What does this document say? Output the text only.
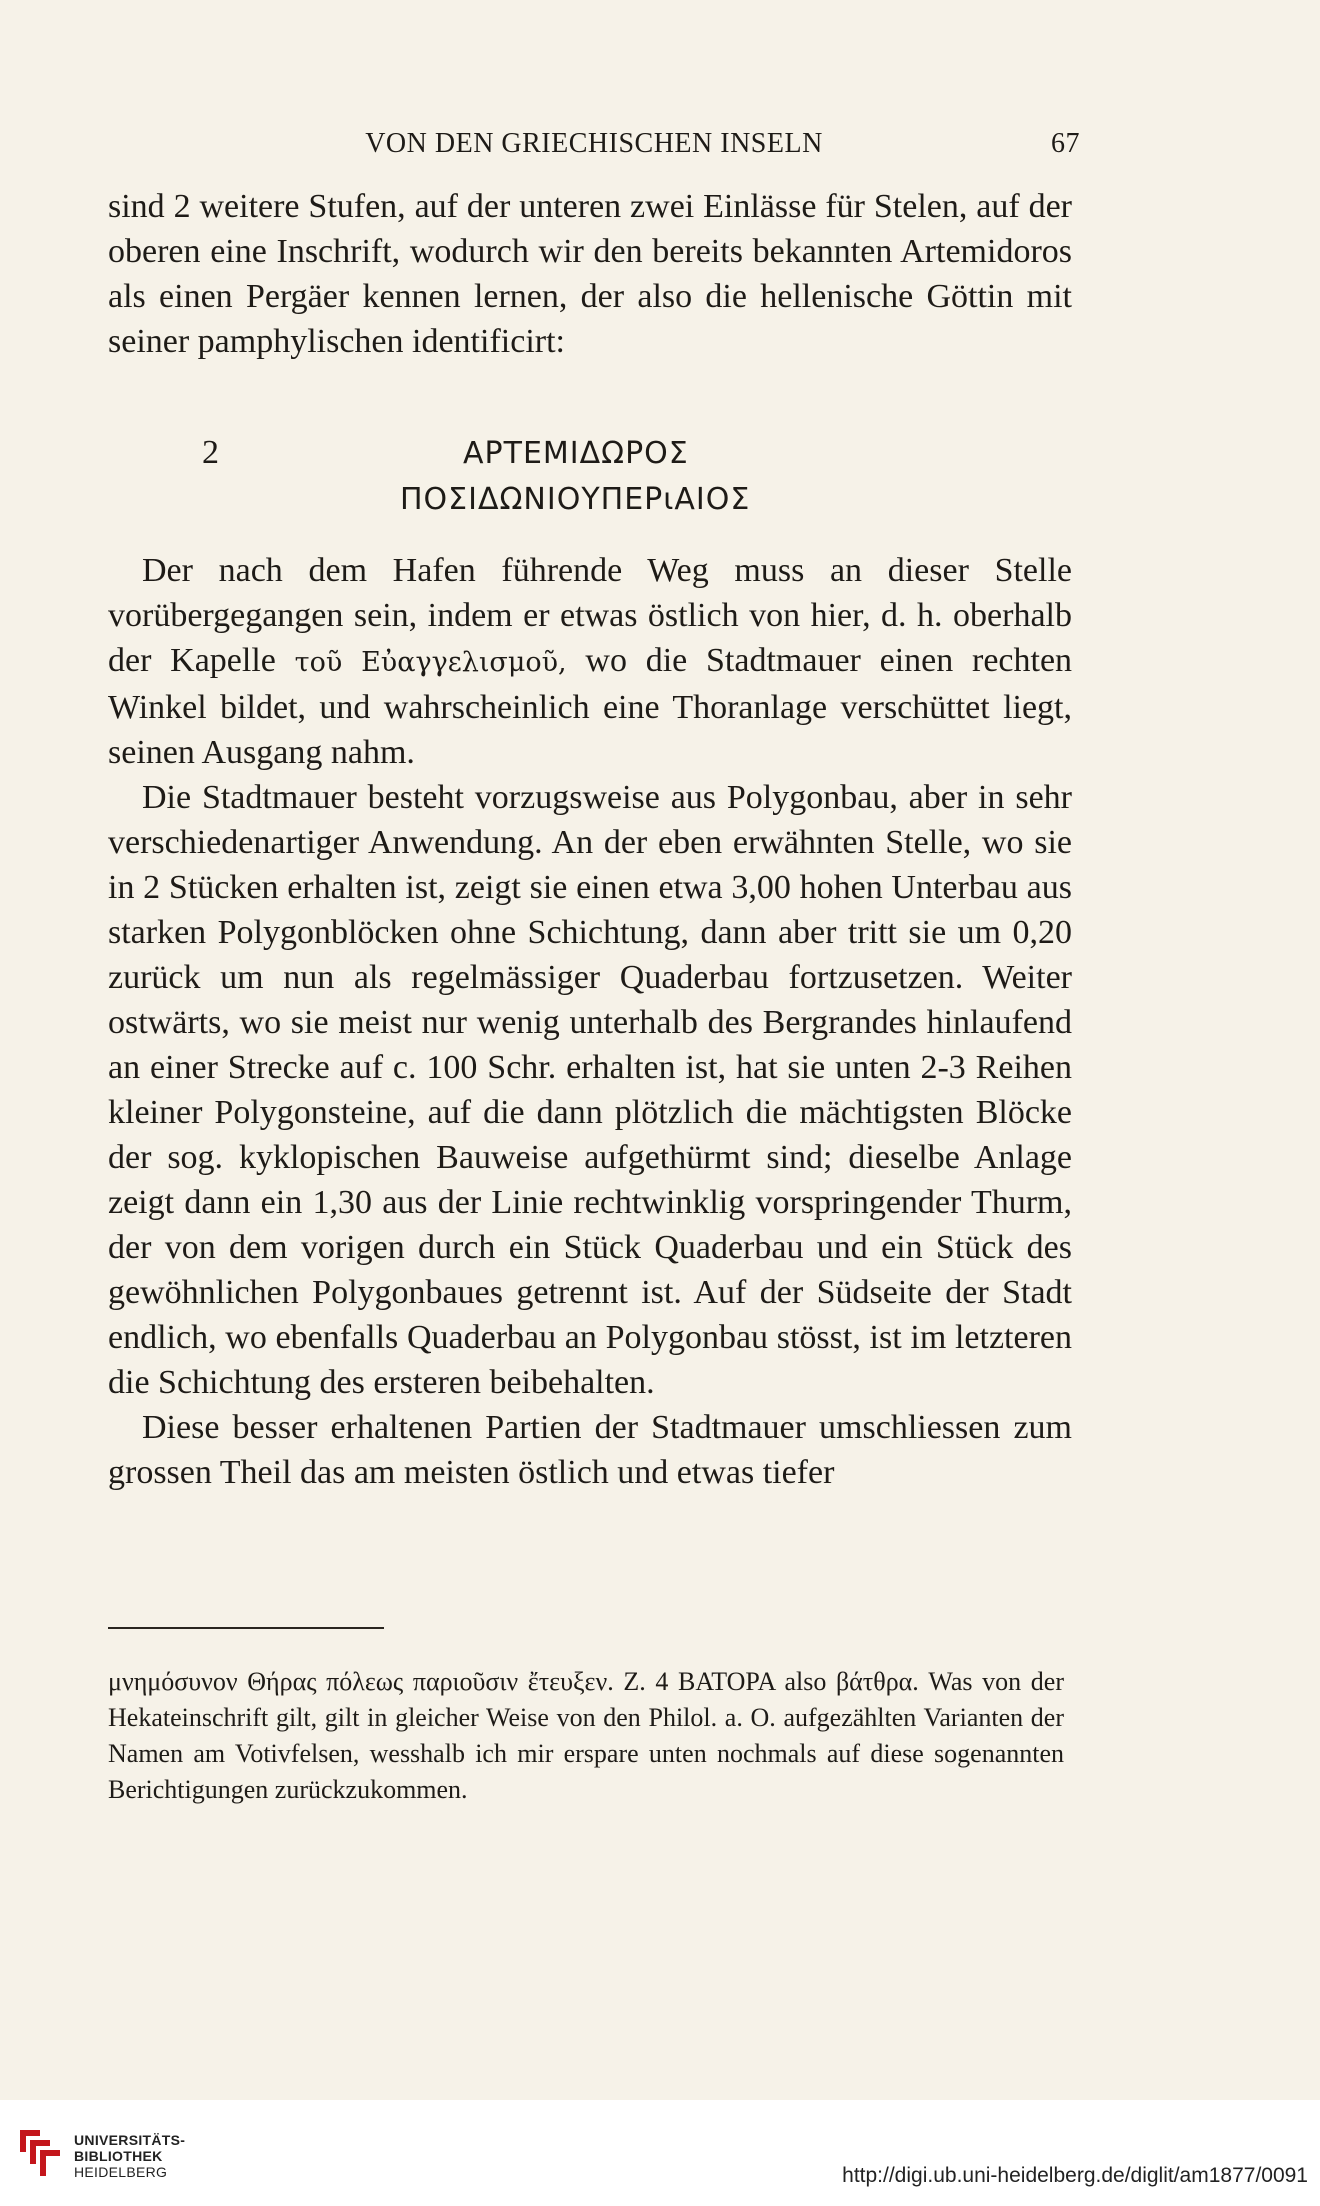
VON DEN GRIECHISCHEN INSELN	67

sind 2 weitere Stufen, auf der unteren zwei Einlässe für Stelen, auf der oberen eine Inschrift, wodurch wir den bereits bekannten Artemidoros als einen Pergäer kennen lernen, der also die hellenische Göttin mit seiner pamphylischen identificirt:

2	ΑΡΤΕΜΙΔΩΡΟΣ
ΠΟΣΙΔΩΝΙΟΥΠΕΡιΑΙΟΣ

Der nach dem Hafen führende Weg muss an dieser Stelle vorübergegangen sein, indem er etwas östlich von hier, d. h. oberhalb der Kapelle τοῦ Εὐαγγελισμοῦ, wo die Stadtmauer einen rechten Winkel bildet, und wahrscheinlich eine Thoranlage verschüttet liegt, seinen Ausgang nahm.

Die Stadtmauer besteht vorzugsweise aus Polygonbau, aber in sehr verschiedenartiger Anwendung. An der eben erwähnten Stelle, wo sie in 2 Stücken erhalten ist, zeigt sie einen etwa 3,00 hohen Unterbau aus starken Polygonblöcken ohne Schichtung, dann aber tritt sie um 0,20 zurück um nun als regelmässiger Quaderbau fortzusetzen. Weiter ostwärts, wo sie meist nur wenig unterhalb des Bergrandes hinlaufend an einer Strecke auf c. 100 Schr. erhalten ist, hat sie unten 2-3 Reihen kleiner Polygonsteine, auf die dann plötzlich die mächtigsten Blöcke der sog. kyklopischen Bauweise aufgethürmt sind; dieselbe Anlage zeigt dann ein 1,30 aus der Linie rechtwinklig vorspringender Thurm, der von dem vorigen durch ein Stück Quaderbau und ein Stück des gewöhnlichen Polygonbaues getrennt ist. Auf der Südseite der Stadt endlich, wo ebenfalls Quaderbau an Polygonbau stösst, ist im letzteren die Schichtung des ersteren beibehalten.

Diese besser erhaltenen Partien der Stadtmauer umschliessen zum grossen Theil das am meisten östlich und etwas tiefer

μνημόσυνον Θήρας πόλεως παριοῦσιν ἔτευξεν. Z. 4 BATOPA also βάτθρα. Was von der Hekateinschrift gilt, gilt in gleicher Weise von den Philol. a. O. aufgezählten Varianten der Namen am Votivfelsen, wesshalb ich mir erspare unten nochmals auf diese sogenannten Berichtigungen zurückzukommen.

UNIVERSITÄTS-
BIBLIOTHEK
HEIDELBERG	http://digi.ub.uni-heidelberg.de/diglit/am1877/0091
